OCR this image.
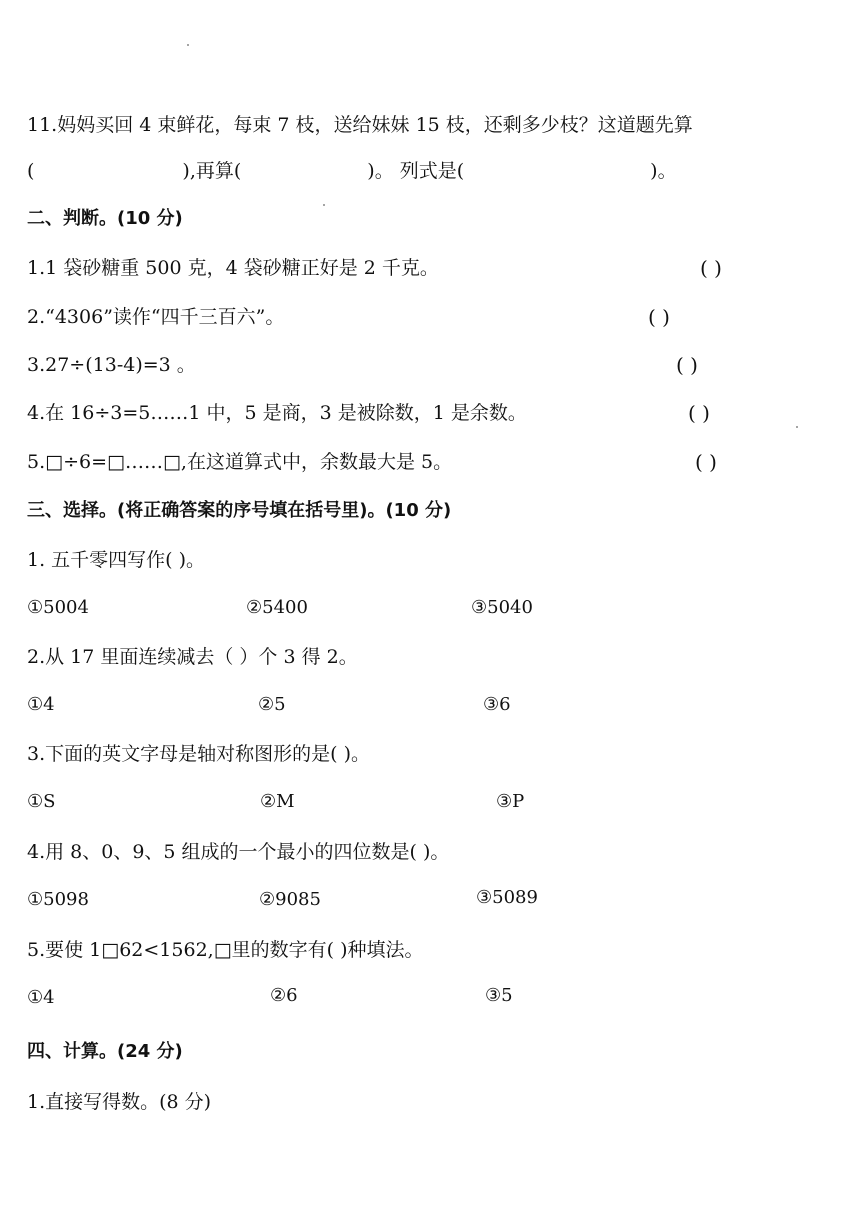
11.妈妈买回 4 束鲜花，每束 7 枝，送给妹妹 15 枝，还剩多少枝？这道题先算
(	),再算(	)。 列式是(	)。
二、判断。(10 分)
1.1 袋砂糖重 500 克，4 袋砂糖正好是 2 千克。	( )
2.“4306”读作“四千三百六”。	( )
3.27÷(13-4)=3 。	( )
4.在 16÷3=5……1 中，5 是商，3 是被除数，1 是余数。	( )
5.□÷6=□……□,在这道算式中，余数最大是 5。	( )
三、选择。(将正确答案的序号填在括号里)。(10 分)
1. 五千零四写作( )。
①5004	②5400	③5040
2.从 17 里面连续减去（ ）个 3 得 2。
①4	②5	③6
3.下面的英文字母是轴对称图形的是( )。
①S	②M	③P
4.用 8、0、9、5 组成的一个最小的四位数是( )。
①5098	②9085	③5089
5.要使 1□62<1562,□里的数字有( )种填法。
①4	②6	③5
四、计算。(24 分)
1.直接写得数。(8 分)
